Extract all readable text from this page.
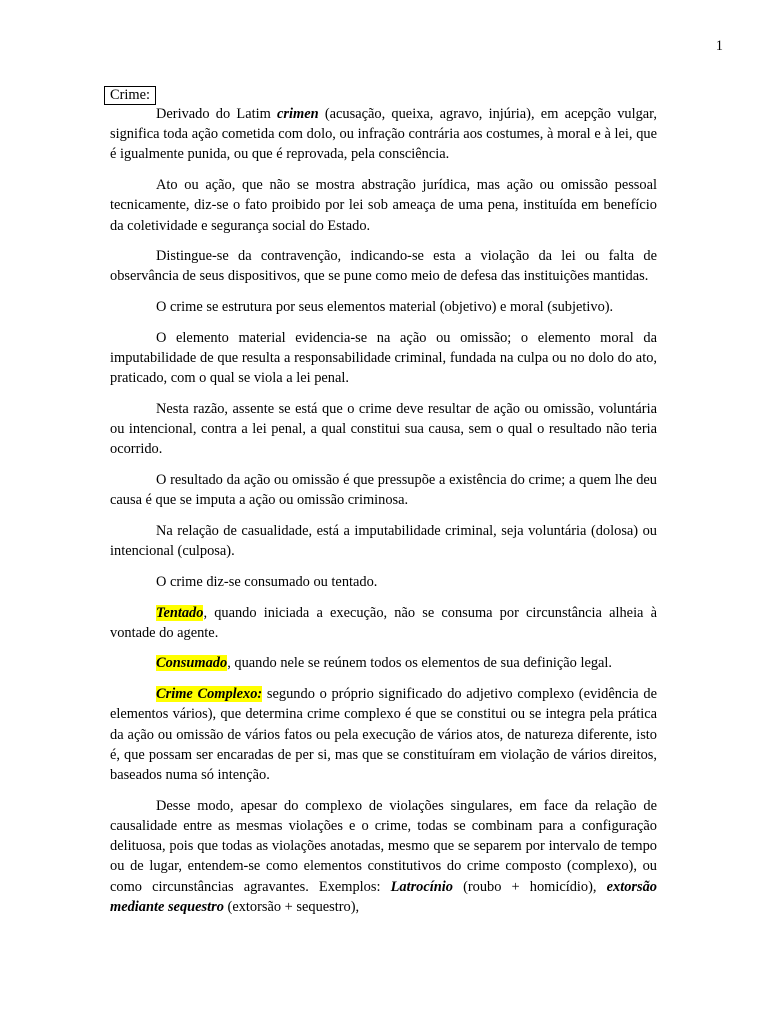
1
Crime:

Derivado do Latim crimen (acusação, queixa, agravo, injúria), em acepção vulgar, significa toda ação cometida com dolo, ou infração contrária aos costumes, à moral e à lei, que é igualmente punida, ou que é reprovada, pela consciência.

Ato ou ação, que não se mostra abstração jurídica, mas ação ou omissão pessoal tecnicamente, diz-se o fato proibido por lei sob ameaça de uma pena, instituída em benefício da coletividade e segurança social do Estado.

Distingue-se da contravenção, indicando-se esta a violação da lei ou falta de observância de seus dispositivos, que se pune como meio de defesa das instituições mantidas.

O crime se estrutura por seus elementos material (objetivo) e moral (subjetivo).

O elemento material evidencia-se na ação ou omissão; o elemento moral da imputabilidade de que resulta a responsabilidade criminal, fundada na culpa ou no dolo do ato, praticado, com o qual se viola a lei penal.

Nesta razão, assente se está que o crime deve resultar de ação ou omissão, voluntária ou intencional, contra a lei penal, a qual constitui sua causa, sem o qual o resultado não teria ocorrido.

O resultado da ação ou omissão é que pressupõe a existência do crime; a quem lhe deu causa é que se imputa a ação ou omissão criminosa.

Na relação de casualidade, está a imputabilidade criminal, seja voluntária (dolosa) ou intencional (culposa).

O crime diz-se consumado ou tentado.

Tentado, quando iniciada a execução, não se consuma por circunstância alheia à vontade do agente.

Consumado, quando nele se reúnem todos os elementos de sua definição legal.

Crime Complexo: segundo o próprio significado do adjetivo complexo (evidência de elementos vários), que determina crime complexo é que se constitui ou se integra pela prática da ação ou omissão de vários fatos ou pela execução de vários atos, de natureza diferente, isto é, que possam ser encaradas de per si, mas que se constituíram em violação de vários direitos, baseados numa só intenção.

Desse modo, apesar do complexo de violações singulares, em face da relação de causalidade entre as mesmas violações e o crime, todas se combinam para a configuração delituosa, pois que todas as violações anotadas, mesmo que se separem por intervalo de tempo ou de lugar, entendem-se como elementos constitutivos do crime composto (complexo), ou como circunstâncias agravantes. Exemplos: Latrocínio (roubo + homicídio), extorsão mediante sequestro (extorsão + sequestro),
